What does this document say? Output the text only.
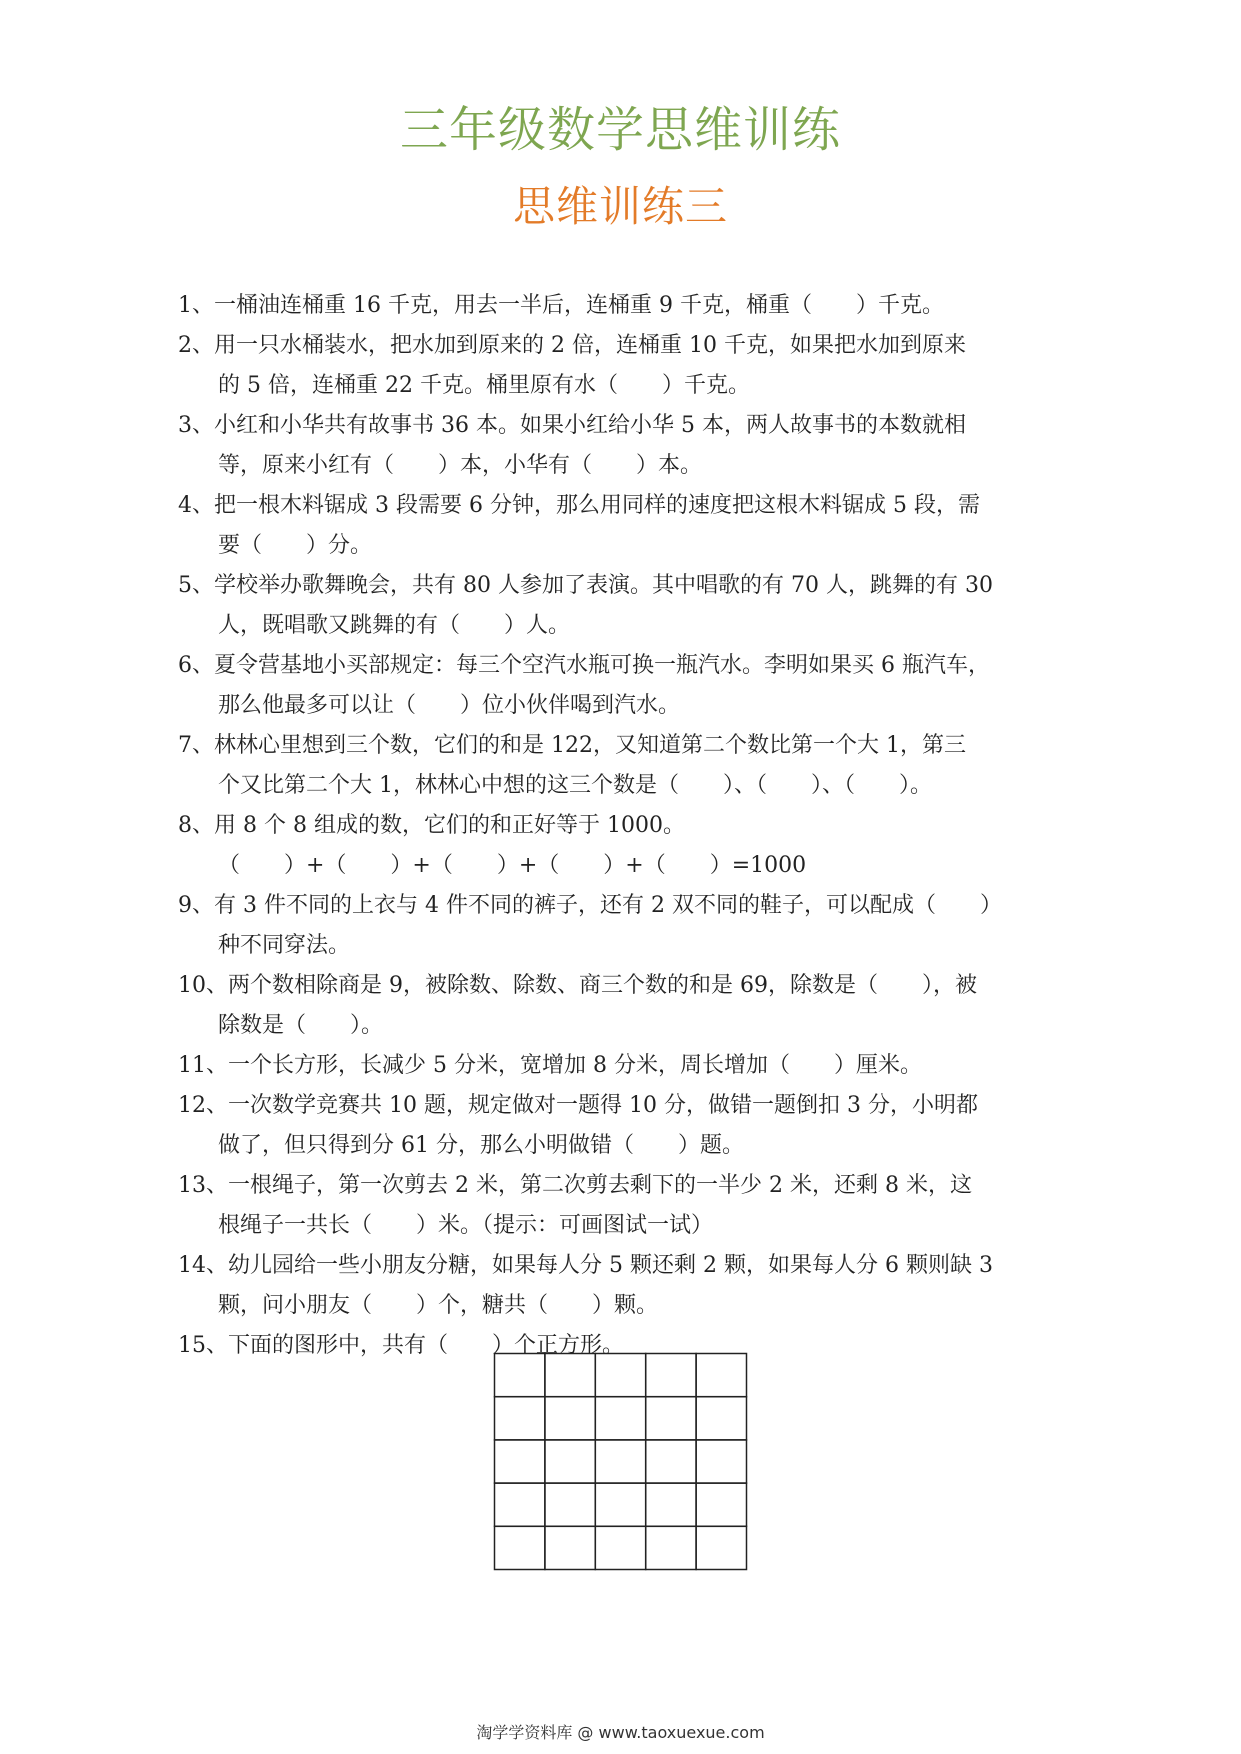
三年级数学思维训练
思维训练三
1、一桶油连桶重 16 千克，用去一半后，连桶重 9 千克，桶重（　　）千克。
2、用一只水桶装水，把水加到原来的 2 倍，连桶重 10 千克，如果把水加到原来
的 5 倍，连桶重 22 千克。桶里原有水（　　）千克。
3、小红和小华共有故事书 36 本。如果小红给小华 5 本，两人故事书的本数就相
等，原来小红有（　　）本，小华有（　　）本。
4、把一根木料锯成 3 段需要 6 分钟，那么用同样的速度把这根木料锯成 5 段，需
要（　　）分。
5、学校举办歌舞晚会，共有 80 人参加了表演。其中唱歌的有 70 人，跳舞的有 30
人，既唱歌又跳舞的有（　　）人。
6、夏令营基地小买部规定：每三个空汽水瓶可换一瓶汽水。李明如果买 6 瓶汽车，
那么他最多可以让（　　）位小伙伴喝到汽水。
7、林林心里想到三个数，它们的和是 122，又知道第二个数比第一个大 1，第三
个又比第二个大 1，林林心中想的这三个数是（　　）、（　　）、（　　）。
8、用 8 个 8 组成的数，它们的和正好等于 1000。
（　　）+（　　）+（　　）+（　　）+（　　）=1000
9、有 3 件不同的上衣与 4 件不同的裤子，还有 2 双不同的鞋子，可以配成（　　）
种不同穿法。
10、两个数相除商是 9，被除数、除数、商三个数的和是 69，除数是（　　），被
除数是（　　）。
11、一个长方形，长减少 5 分米，宽增加 8 分米，周长增加（　　）厘米。
12、一次数学竞赛共 10 题，规定做对一题得 10 分，做错一题倒扣 3 分，小明都
做了，但只得到分 61 分，那么小明做错（　　）题。
13、一根绳子，第一次剪去 2 米，第二次剪去剩下的一半少 2 米，还剩 8 米，这
根绳子一共长（　　）米。（提示：可画图试一试）
14、幼儿园给一些小朋友分糖，如果每人分 5 颗还剩 2 颗，如果每人分 6 颗则缺 3
颗，问小朋友（　　）个，糖共（　　）颗。
15、下面的图形中，共有（　　）个正方形。
淘学学资料库 @ www.taoxuexue.com
